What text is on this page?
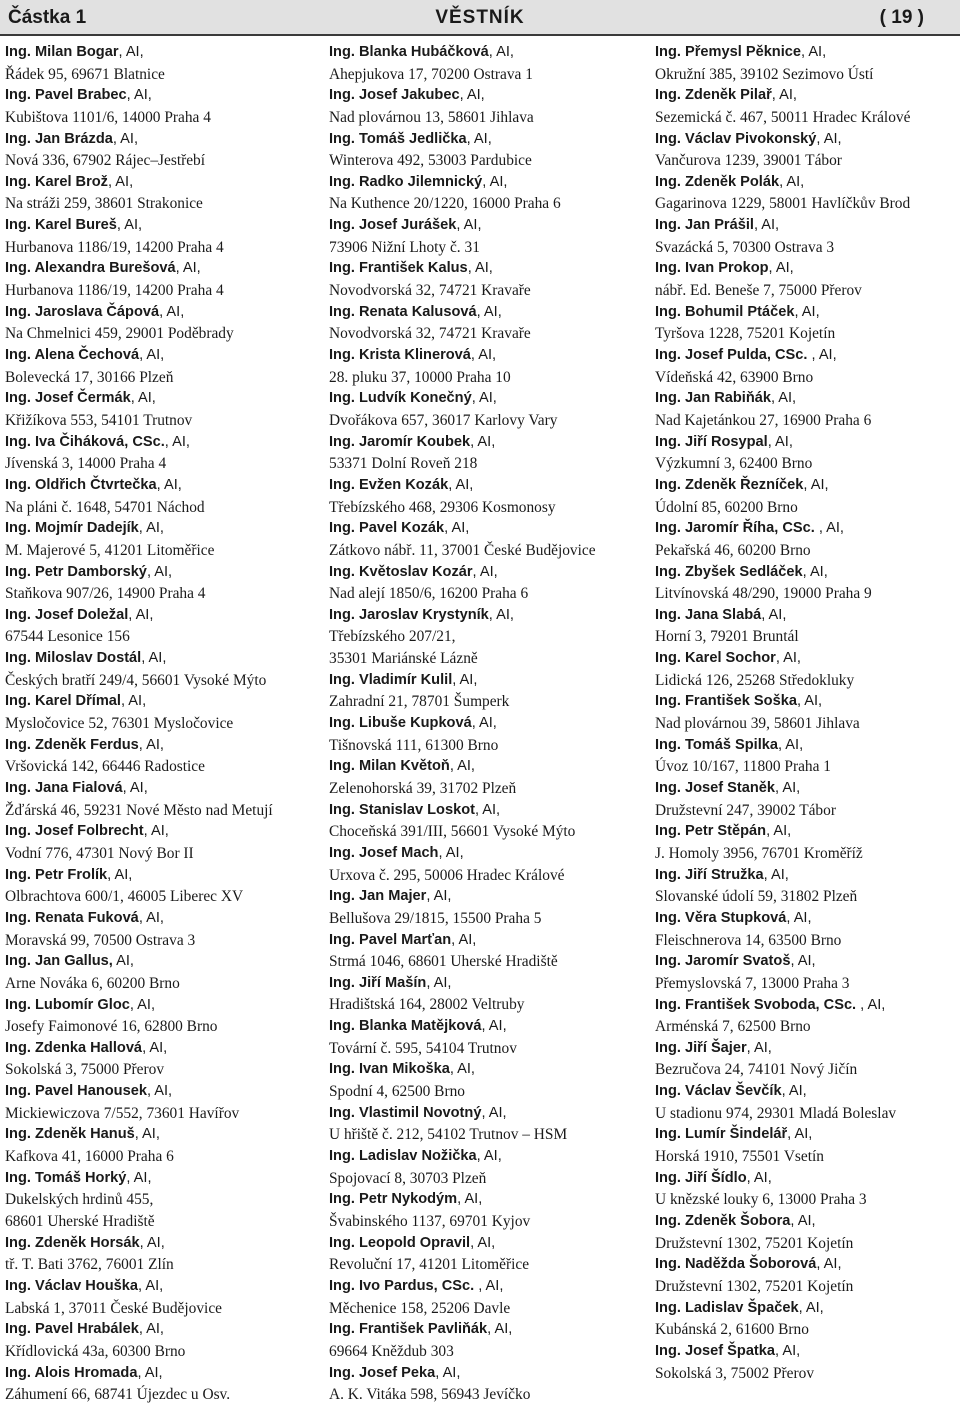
VĚSTNÍK
Částka 1	( 19 )
Ing. Milan Bogar, AI,
Řádek 95, 69671 Blatnice
Ing. Pavel Brabec, AI,
Kubištova 1101/6, 14000 Praha 4
Ing. Jan Brázda, AI,
Nová 336, 67902 Rájec–Jestřebí
Ing. Karel Brož, AI,
Na stráži 259, 38601 Strakonice
Ing. Karel Bureš, AI,
Hurbanova 1186/19, 14200 Praha 4
Ing. Alexandra Burešová, AI,
Hurbanova 1186/19, 14200 Praha 4
Ing. Jaroslava Čápová, AI,
Na Chmelnici 459, 29001 Poděbrady
Ing. Alena Čechová, AI,
Bolevecká 17, 30166 Plzeň
Ing. Josef Čermák, AI,
Křižíkova 553, 54101 Trutnov
Ing. Iva Čiháková, CSc., AI,
Jívenská 3, 14000 Praha 4
Ing. Oldřich Čtvrtečka, AI,
Na pláni č. 1648, 54701 Náchod
Ing. Mojmír Dadejík, AI,
M. Majerové 5, 41201 Litoměřice
Ing. Petr Damborský, AI,
Staňkova 907/26, 14900 Praha 4
Ing. Josef Doležal, AI,
67544 Lesonice 156
Ing. Miloslav Dostál, AI,
Českých bratří 249/4, 56601 Vysoké Mýto
Ing. Karel Dřímal, AI,
Mysločovice 52, 76301 Mysločovice
Ing. Zdeněk Ferdus, AI,
Vršovická 142, 66446 Radostice
Ing. Jana Fialová, AI,
Žďárská 46, 59231 Nové Město nad Metují
Ing. Josef Folbrecht, AI,
Vodní 776, 47301 Nový Bor II
Ing. Petr Frolík, AI,
Olbrachtova 600/1, 46005 Liberec XV
Ing. Renata Fuková, AI,
Moravská 99, 70500 Ostrava 3
Ing. Jan Gallus, AI,
Arne Nováka 6, 60200 Brno
Ing. Lubomír Gloc, AI,
Josefy Faimonové 16, 62800 Brno
Ing. Zdenka Hallová, AI,
Sokolská 3, 75000 Přerov
Ing. Pavel Hanousek, AI,
Mickiewiczova 7/552, 73601 Havířov
Ing. Zdeněk Hanuš, AI,
Kafkova 41, 16000 Praha 6
Ing. Tomáš Horký, AI,
Dukelských hrdinů 455,
68601 Uherské Hradiště
Ing. Zdeněk Horsák, AI,
tř. T. Bati 3762, 76001 Zlín
Ing. Václav Houška, AI,
Labská 1, 37011 České Budějovice
Ing. Pavel Hrabálek, AI,
Křídlovická 43a, 60300 Brno
Ing. Alois Hromada, AI,
Záhumení 66, 68741 Újezdec u Osv.
Ing. Blanka Hubáčková, AI,
Ahepjukova 17, 70200 Ostrava 1
Ing. Josef Jakubec, AI,
Nad plovárnou 13, 58601 Jihlava
Ing. Tomáš Jedlička, AI,
Winterova 492, 53003 Pardubice
Ing. Radko Jilemnický, AI,
Na Kuthence 20/1220, 16000 Praha 6
Ing. Josef Jurášek, AI,
73906 Nižní Lhoty č. 31
Ing. František Kalus, AI,
Novodvorská 32, 74721 Kravaře
Ing. Renata Kalusová, AI,
Novodvorská 32, 74721 Kravaře
Ing. Krista Klinerová, AI,
28. pluku 37, 10000 Praha 10
Ing. Ludvík Konečný, AI,
Dvořákova 657, 36017 Karlovy Vary
Ing. Jaromír Koubek, AI,
53371 Dolní Roveň 218
Ing. Evžen Kozák, AI,
Třebízského 468, 29306 Kosmonosy
Ing. Pavel Kozák, AI,
Zátkovo nábř. 11, 37001 České Budějovice
Ing. Květoslav Kozár, AI,
Nad alejí 1850/6, 16200 Praha 6
Ing. Jaroslav Krystyník, AI,
Třebízského 207/21,
35301 Mariánské Lázně
Ing. Vladimír Kulil, AI,
Zahradní 21, 78701 Šumperk
Ing. Libuše Kupková, AI,
Tišnovská 111, 61300 Brno
Ing. Milan Květoň, AI,
Zelenohorská 39, 31702 Plzeň
Ing. Stanislav Loskot, AI,
Choceňská 391/III, 56601 Vysoké Mýto
Ing. Josef Mach, AI,
Urxova č. 295, 50006 Hradec Králové
Ing. Jan Majer, AI,
Bellušova 29/1815, 15500 Praha 5
Ing. Pavel Marťan, AI,
Strmá 1046, 68601 Uherské Hradiště
Ing. Jiří Mašín, AI,
Hradištská 164, 28002 Veltruby
Ing. Blanka Matějková, AI,
Tovární č. 595, 54104 Trutnov
Ing. Ivan Mikoška, AI,
Spodní 4, 62500 Brno
Ing. Vlastimil Novotný, AI,
U hřiště č. 212, 54102 Trutnov – HSM
Ing. Ladislav Nožička, AI,
Spojovací 8, 30703 Plzeň
Ing. Petr Nykodým, AI,
Švabinského 1137, 69701 Kyjov
Ing. Leopold Opravil, AI,
Revoluční 17, 41201 Litoměřice
Ing. Ivo Pardus, CSc. , AI,
Měchenice 158, 25206 Davle
Ing. František Pavliňák, AI,
69664 Kněždub 303
Ing. Josef Peka, AI,
A. K. Vitáka 598, 56943 Jevíčko
Ing. Přemysl Pěknice, AI,
Okružní 385, 39102 Sezimovo Ústí
Ing. Zdeněk Pilař, AI,
Sezemická č. 467, 50011 Hradec Králové
Ing. Václav Pivokonský, AI,
Vančurova 1239, 39001 Tábor
Ing. Zdeněk Polák, AI,
Gagarinova 1229, 58001 Havlíčkův Brod
Ing. Jan Prášil, AI,
Svazácká 5, 70300 Ostrava 3
Ing. Ivan Prokop, AI,
nábř. Ed. Beneše 7, 75000 Přerov
Ing. Bohumil Ptáček, AI,
Tyršova 1228, 75201 Kojetín
Ing. Josef Pulda, CSc. , AI,
Vídeňská 42, 63900 Brno
Ing. Jan Rabiňák, AI,
Nad Kajetánkou 27, 16900 Praha 6
Ing. Jiří Rosypal, AI,
Výzkumní 3, 62400 Brno
Ing. Zdeněk Řezníček, AI,
Údolní 85, 60200 Brno
Ing. Jaromír Říha, CSc. , AI,
Pekařská 46, 60200 Brno
Ing. Zbyšek Sedláček, AI,
Litvínovská 48/290, 19000 Praha 9
Ing. Jana Slabá, AI,
Horní 3, 79201 Bruntál
Ing. Karel Sochor, AI,
Lidická 126, 25268 Středokluky
Ing. František Soška, AI,
Nad plovárnou 39, 58601 Jihlava
Ing. Tomáš Spilka, AI,
Úvoz 10/167, 11800 Praha 1
Ing. Josef Staněk, AI,
Družstevní 247, 39002 Tábor
Ing. Petr Stěpán, AI,
J. Homoly 3956, 76701 Kroměříž
Ing. Jiří Stružka, AI,
Slovanské údolí 59, 31802 Plzeň
Ing. Věra Stupková, AI,
Fleischnerova 14, 63500 Brno
Ing. Jaromír Svatoš, AI,
Přemyslovská 7, 13000 Praha 3
Ing. František Svoboda, CSc. , AI,
Arménská 7, 62500 Brno
Ing. Jiří Šajer, AI,
Bezručova 24, 74101 Nový Jičín
Ing. Václav Ševčík, AI,
U stadionu 974, 29301 Mladá Boleslav
Ing. Lumír Šindelář, AI,
Horská 1910, 75501 Vsetín
Ing. Jiří Šídlo, AI,
U knězské louky 6, 13000 Praha 3
Ing. Zdeněk Šobora, AI,
Družstevní 1302, 75201 Kojetín
Ing. Naděžda Šoborová, AI,
Družstevní 1302, 75201 Kojetín
Ing. Ladislav Špaček, AI,
Kubánská 2, 61600 Brno
Ing. Josef Špatka, AI,
Sokolská 3, 75002 Přerov
